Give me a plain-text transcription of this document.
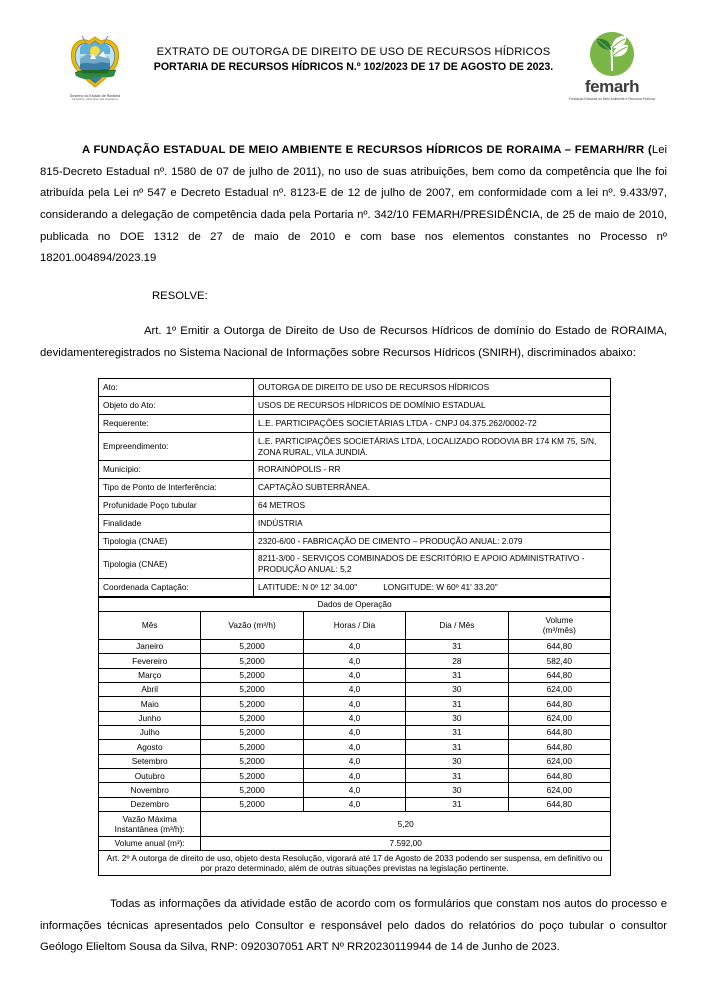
Governo do Estado de Roraima
Amazônia, patrimônio dos brasileiros
EXTRATO DE OUTORGA DE DIREITO DE USO DE RECURSOS HÍDRICOS
PORTARIA DE RECURSOS HÍDRICOS N.º 102/2023 DE 17 DE AGOSTO DE 2023.
femarh
Fundação Estadual do Meio Ambiente e Recursos Hídricos

A FUNDAÇÃO ESTADUAL DE MEIO AMBIENTE E RECURSOS HÍDRICOS DE RORAIMA – FEMARH/RR (Lei 815-Decreto Estadual nº. 1580 de 07 de julho de 2011), no uso de suas atribuições, bem como da competência que lhe foi atribuída pela Lei nº 547 e Decreto Estadual nº. 8123-E de 12 de julho de 2007, em conformidade com a lei nº. 9.433/97, considerando a delegação de competência dada pela Portaria nº. 342/10 FEMARH/PRESIDÊNCIA, de 25 de maio de 2010, publicada no DOE 1312 de 27 de maio de 2010 e com base nos elementos constantes no Processo nº 18201.004894/2023.19

RESOLVE:
Art. 1º Emitir a Outorga de Direito de Uso de Recursos Hídricos de domínio do Estado de RORAIMA, devidamenteregistrados no Sistema Nacional de Informações sobre Recursos Hídricos (SNIRH), discriminados abaixo:
Ato:	OUTORGA DE DIREITO DE USO DE RECURSOS HÍDRICOS
Objeto do Ato:	USOS DE RECURSOS HÍDRICOS DE DOMÍNIO ESTADUAL
Requerente:	L.E. PARTICIPAÇÕES SOCIETÁRIAS LTDA - CNPJ 04.375.262/0002-72
Empreendimento:	L.E. PARTICIPAÇÕES SOCIETÁRIAS LTDA, LOCALIZADO RODOVIA BR 174 KM 75, S/N, ZONA RURAL, VILA JUNDIÁ.
Município:	RORAINÓPOLIS - RR
Tipo de Ponto de Interferência:	CAPTAÇÃO SUBTERRÂNEA.
Profunidade Poço tubular	64 METROS
Finalidade	INDÚSTRIA
Tipologia (CNAE)	2320-6/00 - FABRICAÇÃO DE CIMENTO – PRODUÇÃO ANUAL: 2.079
Tipologia (CNAE)	8211-3/00 - SERVIÇOS COMBINADOS DE ESCRITÓRIO E APOIO ADMINISTRATIVO - PRODUÇÃO ANUAL: 5,2
Coordenada Captação:	LATITUDE: N 0º 12' 34.00" LONGITUDE: W 60º 41' 33.20"
Dados de Operação				
Mês	Vazão (m³/h)	Horas / Dia	Dia / Mês	Volume
(m³/mês)
Janeiro	5,2000	4,0	31	644,80
Fevereiro	5,2000	4,0	28	582,40
Março	5,2000	4,0	31	644,80
Abril	5,2000	4,0	30	624,00
Maio	5,2000	4,0	31	644,80
Junho	5,2000	4,0	30	624,00
Julho	5,2000	4,0	31	644,80
Agosto	5,2000	4,0	31	644,80
Setembro	5,2000	4,0	30	624,00
Outubro	5,2000	4,0	31	644,80
Novembro	5,2000	4,0	30	624,00
Dezembro	5,2000	4,0	31	644,80
Vazão Máxima Instantânea (m³/h):	5,20			
Volume anual (m³):	7.592,00			
Art. 2º A outorga de direito de uso, objeto desta Resolução, vigorará até 17 de Agosto de 2033 podendo ser suspensa, em definitivo ou por prazo determinado, além de outras situações previstas na legislação pertinente.				

Todas as informações da atividade estão de acordo com os formulários que constam nos autos do processo e informações técnicas apresentados pelo Consultor e responsável pelo dados do relatórios do poço tubular o consultor Geólogo Elieltom Sousa da Silva, RNP: 0920307051 ART Nº RR20230119944 de 14 de Junho de 2023.
